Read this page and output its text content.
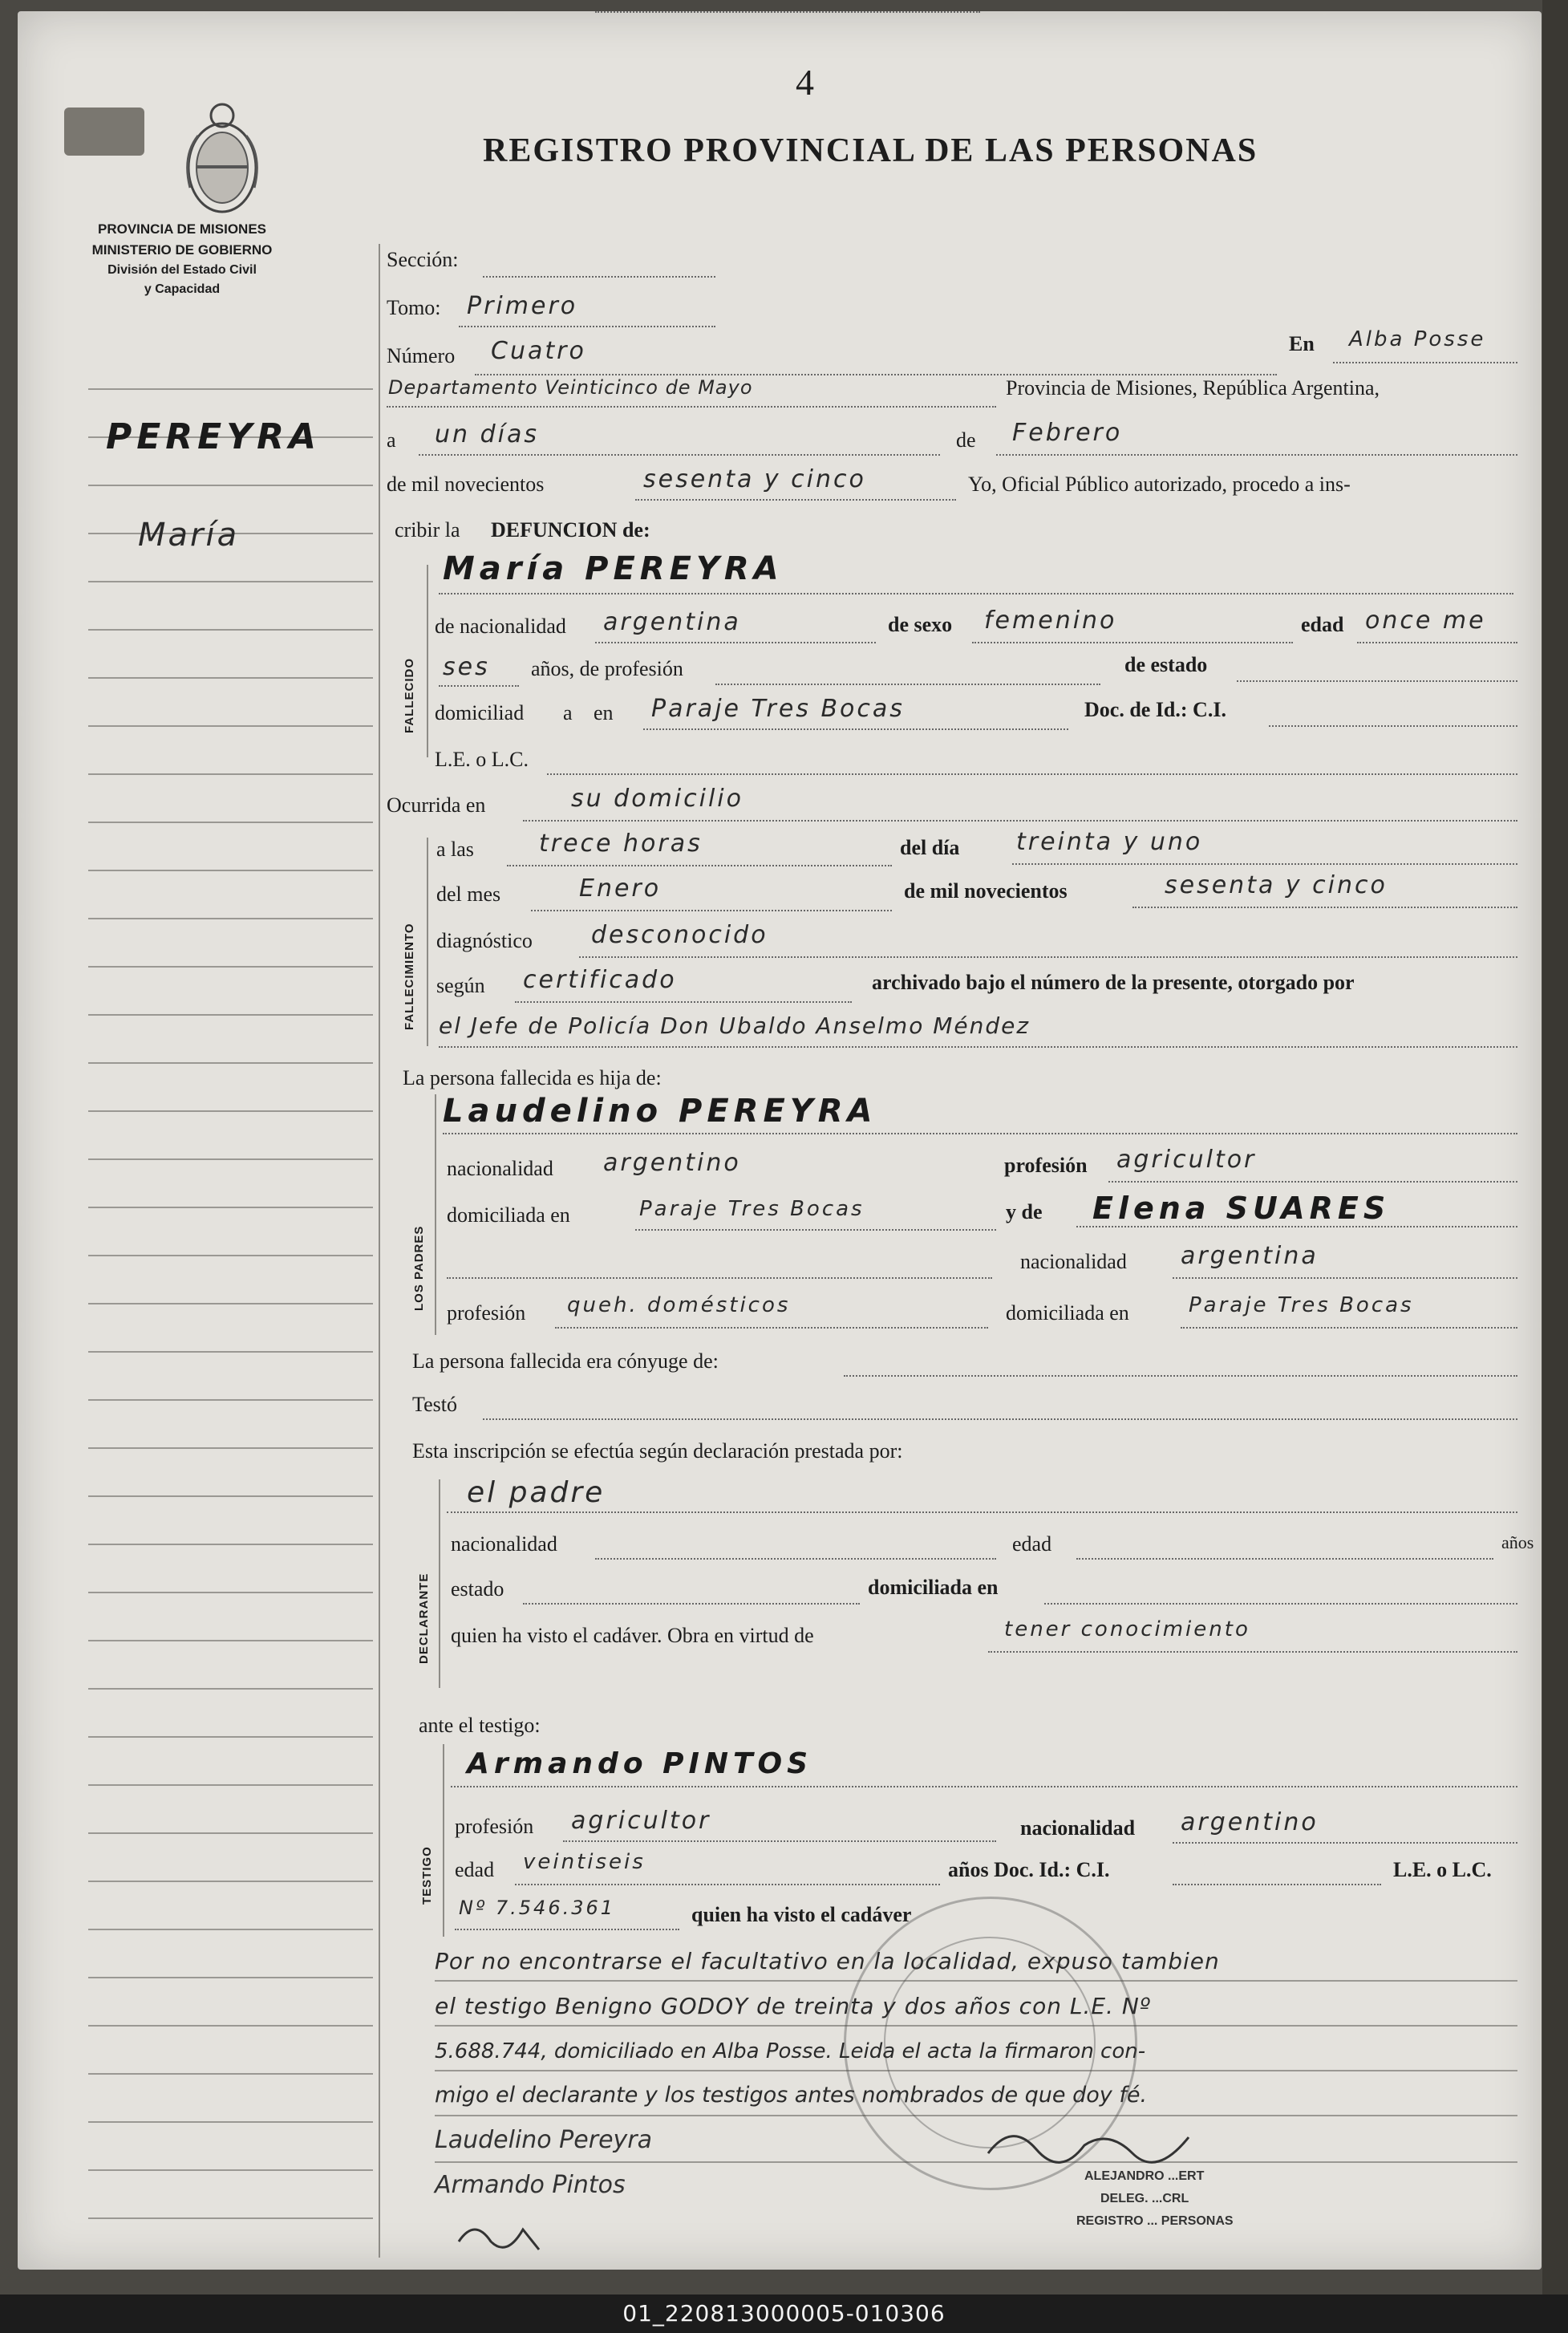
4
REGISTRO PROVINCIAL DE LAS PERSONAS
PROVINCIA DE MISIONES
MINISTERIO DE GOBIERNO
División del Estado Civil
y Capacidad
PEREYRA
María
Sección:
Tomo: Primero
Número Cuatro	En Alba Posse
Departamento Veinticinco de Mayo	Provincia de Misiones, República Argentina,
a un días	de Febrero
de mil novecientos	sesenta y cinco	Yo, Oficial Público autorizado, procedo a ins-
cribir la DEFUNCION de:
FALLECIDO
María PEREYRA
de nacionalidad argentina	de sexo femenino	edad once me
ses años, de profesión	de estado
domiciliad a en Paraje Tres Bocas	Doc. de Id.: C.I.
L.E. o L.C.
Ocurrida en	su domicilio
FALLECIMIENTO
a las	trece horas	del día treinta y uno
del mes	Enero	de mil novecientos	sesenta y cinco
diagnóstico desconocido
según certificado	archivado bajo el número de la presente, otorgado por
el Jefe de Policía Don Ubaldo Anselmo Méndez
La persona fallecida es hija de:
LOS PADRES
Laudelino PEREYRA
nacionalidad argentino	profesión agricultor
domiciliada en	Paraje Tres Bocas	y de Elena SUARES
nacionalidad argentina
profesión queh. domésticos	domiciliada en	Paraje Tres Bocas
La persona fallecida era cónyuge de:
Testó
Esta inscripción se efectúa según declaración prestada por:
DECLARANTE
el padre
nacionalidad	edad	años
estado	domiciliada en
quien ha visto el cadáver. Obra en virtud de	tener conocimiento
ante el testigo:
TESTIGO
Armando PINTOS
profesión agricultor	nacionalidad argentino
edad veintiseis	años Doc. Id.: C.I.	L.E. o L.C.
Nº 7.546.361	quien ha visto el cadáver
Por no encontrarse el facultativo en la localidad, expuso tambien
el testigo Benigno GODOY de treinta y dos años con L.E. Nº
5.688.744, domiciliado en Alba Posse. Leida el acta la firmaron con-
migo el declarante y los testigos antes nombrados de que doy fé.
Laudelino Pereyra
Armando Pintos	ALEJANDRO ...ERT
DELEG. ...CRL
REGISTRO ... PERSONAS
01_220813000005-010306
